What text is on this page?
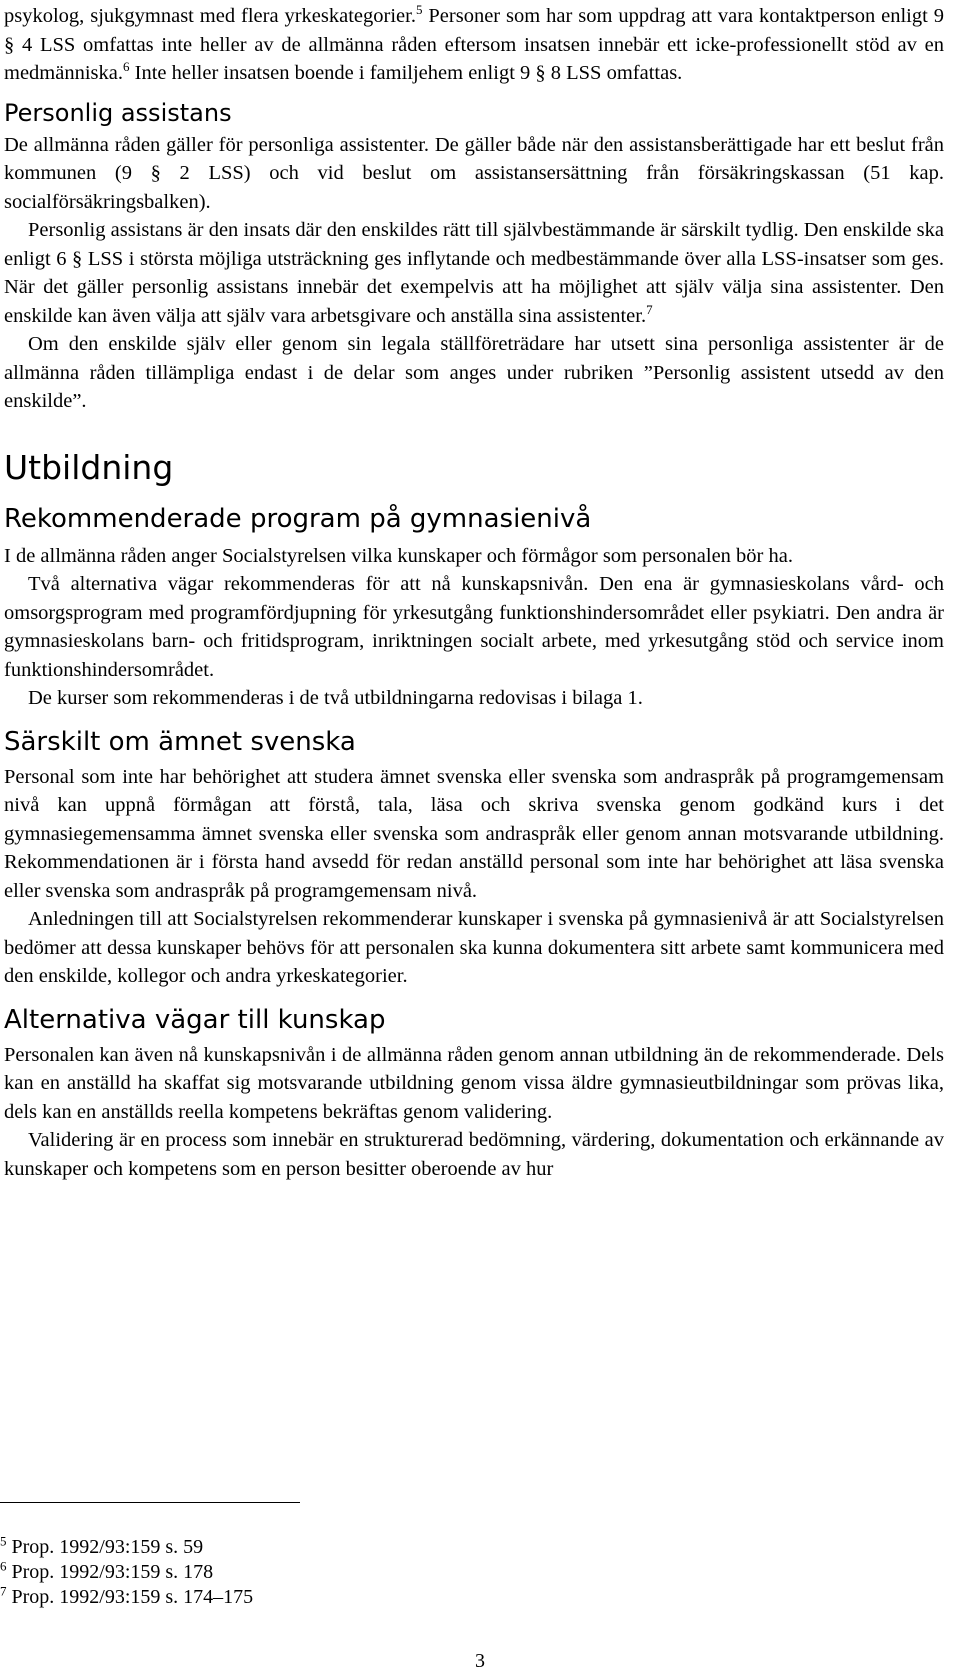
psykolog, sjukgymnast med flera yrkeskategorier.$^5$ Personer som har som uppdrag att vara kontaktperson enligt 9 § 4 LSS omfattas inte heller av de allmänna råden eftersom insatsen innebär ett icke-professionellt stöd av en medmänniska.$^6$ Inte heller insatsen boende i familjehem enligt 9 § 8 LSS omfattas.

Personlig assistans

De allmänna råden gäller för personliga assistenter. De gäller både när den assistansberättigade har ett beslut från kommunen (9 § 2 LSS) och vid beslut om assistansersättning från försäkringskassan (51 kap. socialförsäkringsbalken).

Personlig assistans är den insats där den enskildes rätt till självbestämmande är särskilt tydlig. Den enskilde ska enligt 6 § LSS i största möjliga utsträckning ges inflytande och medbestämmande över alla LSS-insatser som ges. När det gäller personlig assistans innebär det exempelvis att ha möjlighet att själv välja sina assistenter. Den enskilde kan även välja att själv vara arbetsgivare och anställa sina assistenter.$^7$

Om den enskilde själv eller genom sin legala ställföreträdare har utsett sina personliga assistenter är de allmänna råden tillämpliga endast i de delar som anges under rubriken ”Personlig assistent utsedd av den enskilde”.

Utbildning
Rekommenderade program på gymnasienivå

I de allmänna råden anger Socialstyrelsen vilka kunskaper och förmågor som personalen bör ha.

Två alternativa vägar rekommenderas för att nå kunskapsnivån. Den ena är gymnasieskolans vård- och omsorgsprogram med programfördjupning för yrkesutgång funktionshindersområdet eller psykiatri. Den andra är gymnasieskolans barn- och fritidsprogram, inriktningen socialt arbete, med yrkesutgång stöd och service inom funktionshindersområdet.

De kurser som rekommenderas i de två utbildningarna redovisas i bilaga 1.

Särskilt om ämnet svenska

Personal som inte har behörighet att studera ämnet svenska eller svenska som andraspråk på programgemensam nivå kan uppnå förmågan att förstå, tala, läsa och skriva svenska genom godkänd kurs i det gymnasiegemensamma ämnet svenska eller svenska som andraspråk eller genom annan motsvarande utbildning. Rekommendationen är i första hand avsedd för redan anställd personal som inte har behörighet att läsa svenska eller svenska som andraspråk på programgemensam nivå.

Anledningen till att Socialstyrelsen rekommenderar kunskaper i svenska på gymnasienivå är att Socialstyrelsen bedömer att dessa kunskaper behövs för att personalen ska kunna dokumentera sitt arbete samt kommunicera med den enskilde, kollegor och andra yrkeskategorier.

Alternativa vägar till kunskap

Personalen kan även nå kunskapsnivån i de allmänna råden genom annan utbildning än de rekommenderade. Dels kan en anställd ha skaffat sig motsvarande utbildning genom vissa äldre gymnasieutbildningar som prövas lika, dels kan en anställds reella kompetens bekräftas genom validering.

Validering är en process som innebär en strukturerad bedömning, värdering, dokumentation och erkännande av kunskaper och kompetens som en person besitter oberoende av hur

$^5$ Prop. 1992/93:159 s. 59
$^6$ Prop. 1992/93:159 s. 178
$^7$ Prop. 1992/93:159 s. 174–175
3
